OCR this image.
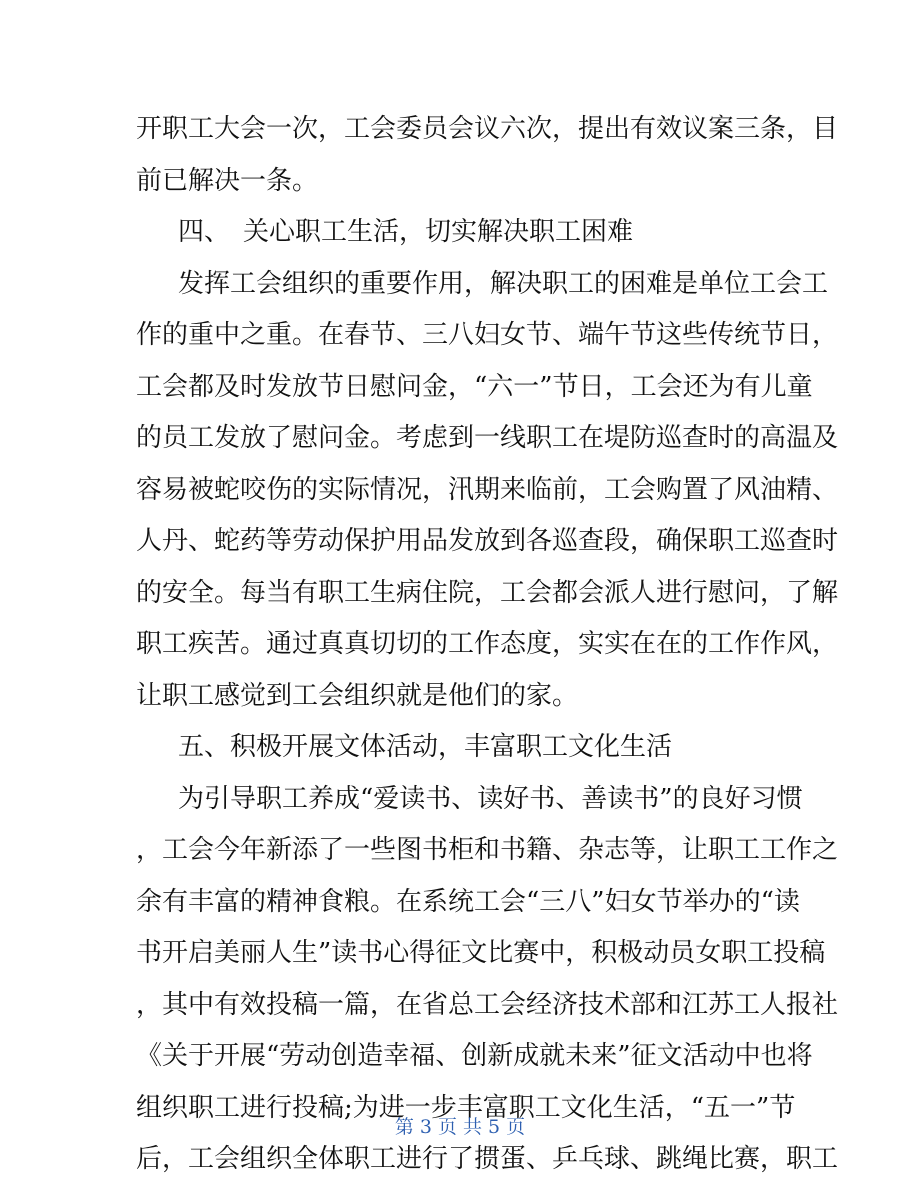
开职工大会一次，工会委员会议六次，提出有效议案三条，目
前已解决一条。
四、　关心职工生活，切实解决职工困难
发挥工会组织的重要作用，解决职工的困难是单位工会工
作的重中之重。在春节、三八妇女节、端午节这些传统节日，
工会都及时发放节日慰问金，“六一”节日，工会还为有儿童
的员工发放了慰问金。考虑到一线职工在堤防巡查时的高温及
容易被蛇咬伤的实际情况，汛期来临前，工会购置了风油精、
人丹、蛇药等劳动保护用品发放到各巡查段，确保职工巡查时
的安全。每当有职工生病住院，工会都会派人进行慰问，了解
职工疾苦。通过真真切切的工作态度，实实在在的工作作风，
让职工感觉到工会组织就是他们的家。
五、积极开展文体活动，丰富职工文化生活
为引导职工养成“爱读书、读好书、善读书”的良好习惯
，工会今年新添了一些图书柜和书籍、杂志等，让职工工作之
余有丰富的精神食粮。在系统工会“三八”妇女节举办的“读
书开启美丽人生”读书心得征文比赛中，积极动员女职工投稿
，其中有效投稿一篇，在省总工会经济技术部和江苏工人报社
《关于开展“劳动创造幸福、创新成就未来”征文活动中也将
组织职工进行投稿;为进一步丰富职工文化生活，“五一”节
后，工会组织全体职工进行了掼蛋、乒乓球、跳绳比赛，职工
第 3 页 共 5 页
